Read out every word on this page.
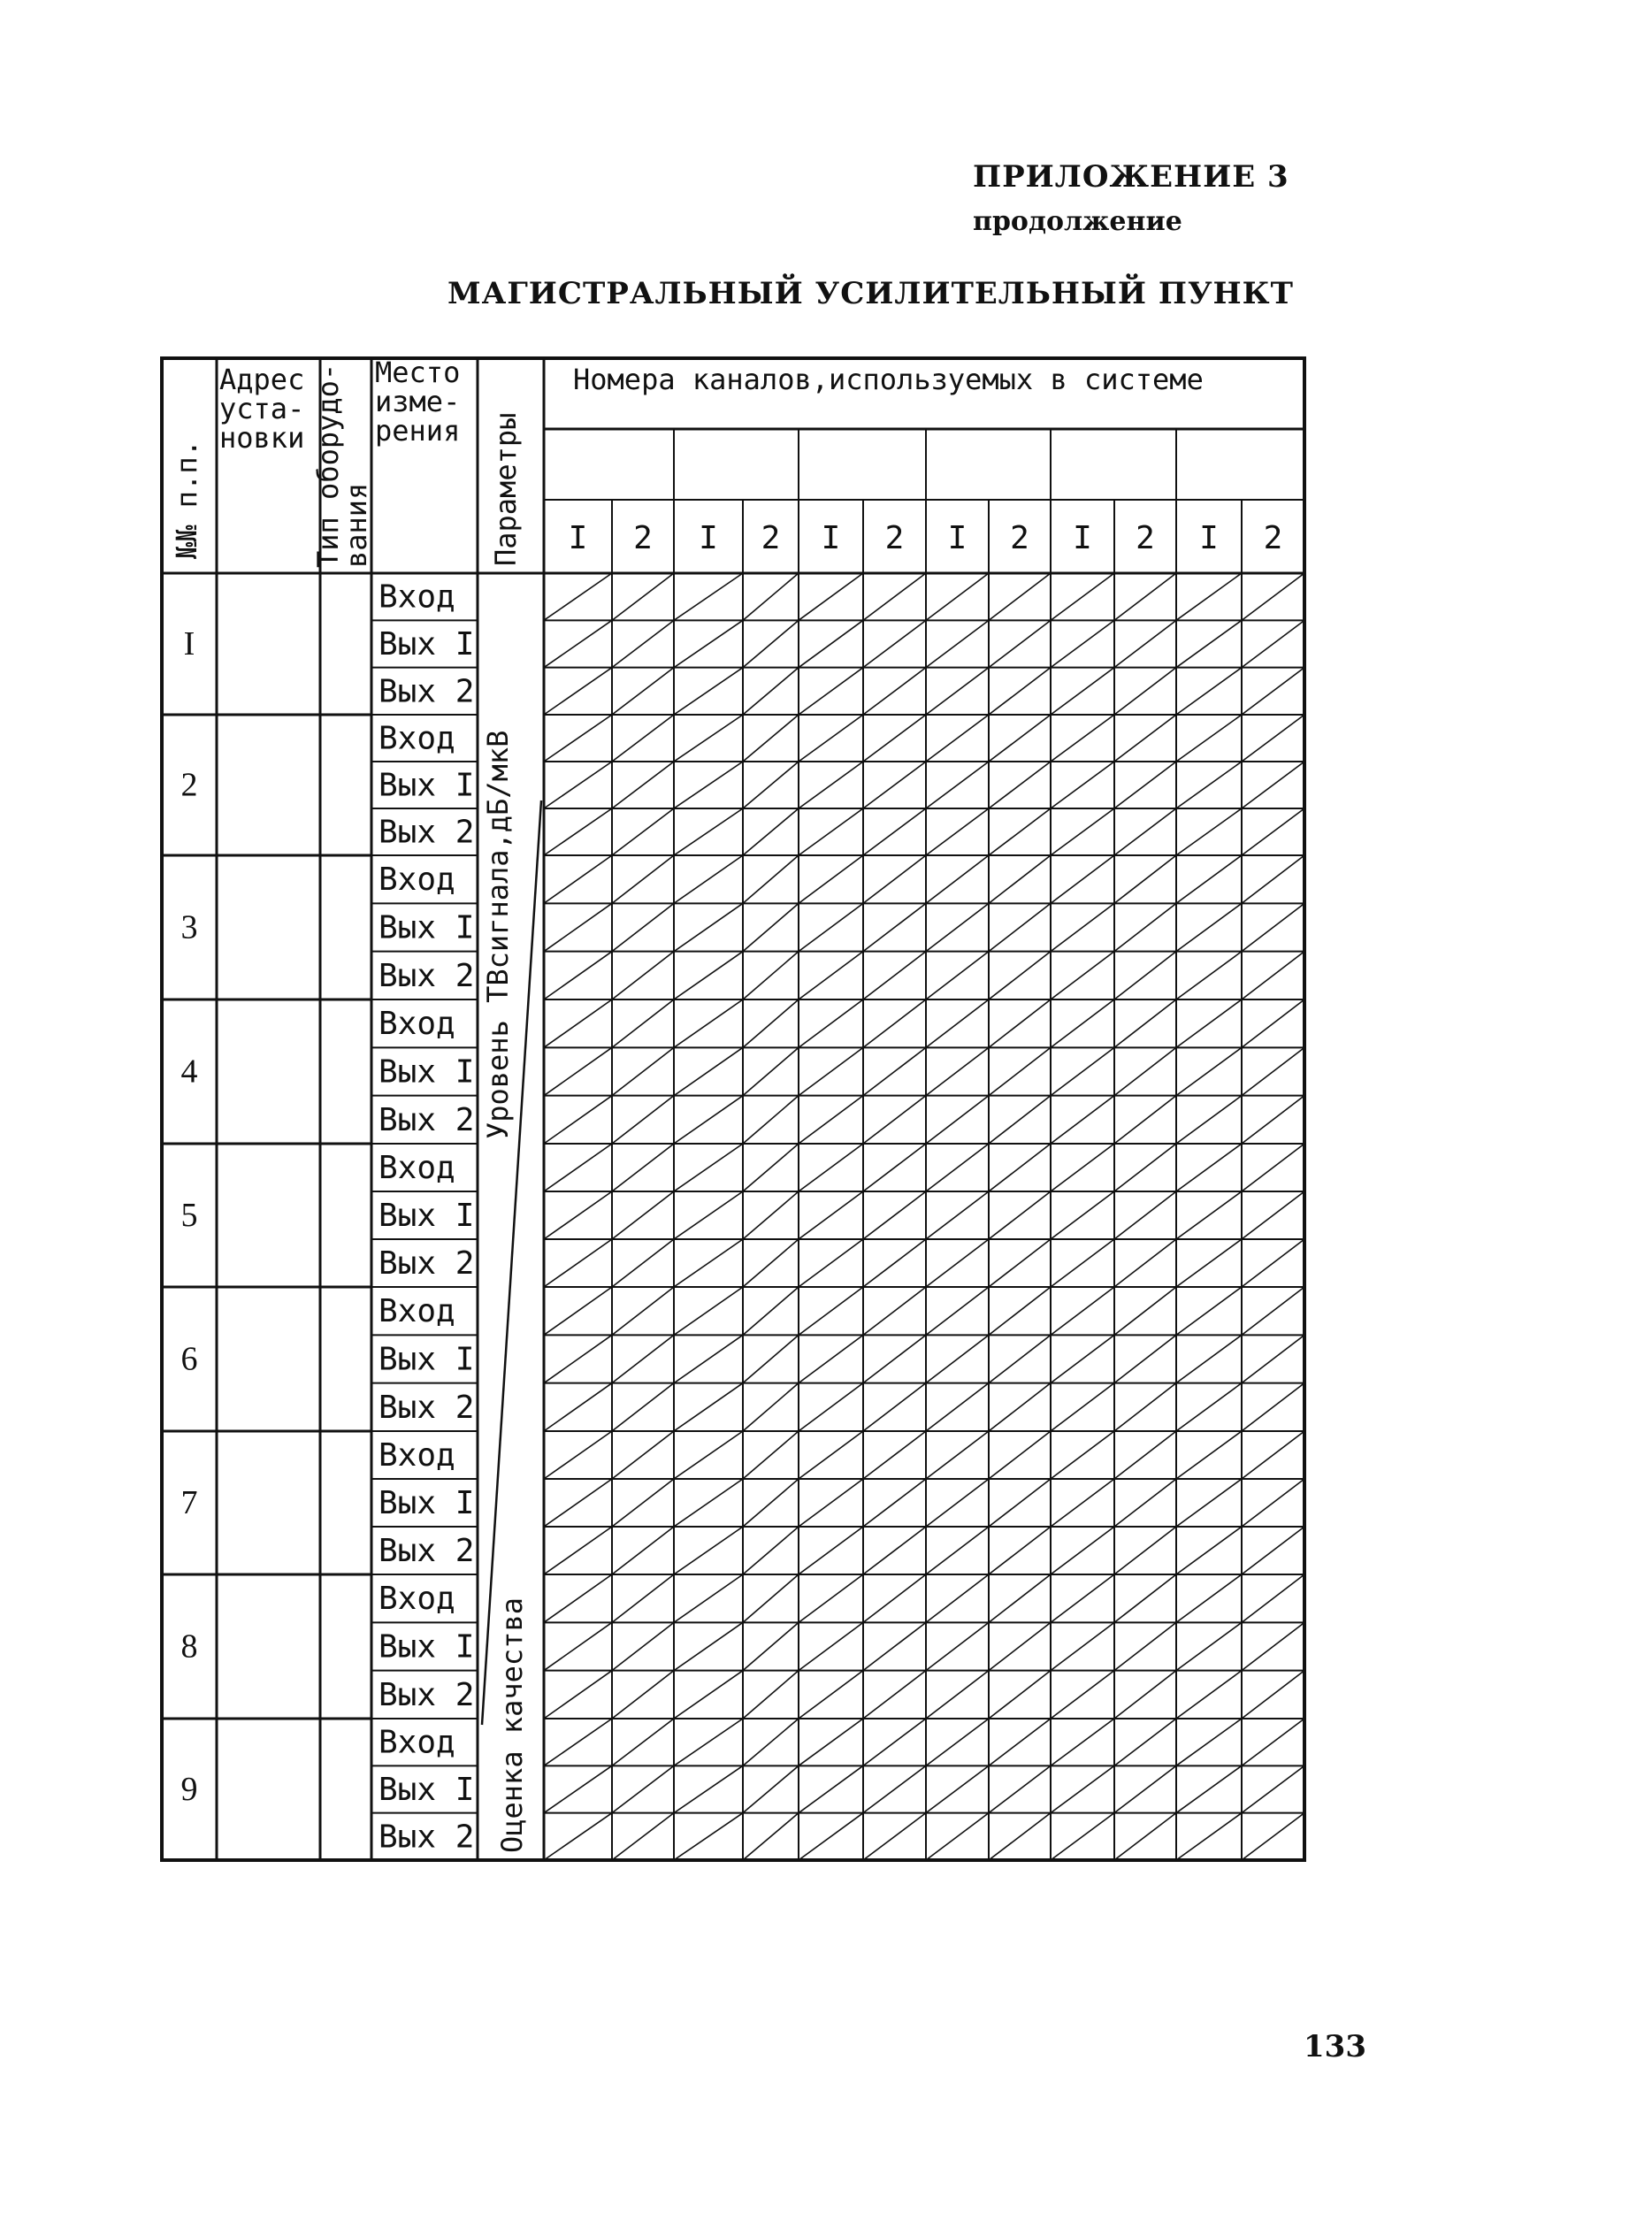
ПРИЛОЖЕНИЕ 3
продолжение
МАГИСТРАЛЬНЫЙ УСИЛИТЕЛЬНЫЙ ПУНКТ
№№ п.п.
Адрес
уста-
новки Тип оборудо-
вания
Место
изме-
рения Параметры
Номера каналов,используемых в системе
I 2 I 2 I 2 I 2 I 2 I 2
I
2
3
4
5
6
7
8
9
Вход
Вых I
Вых 2
Вход
Вых I
Вых 2
Вход
Вых I
Вых 2
Вход
Вых I
Вых 2
Вход
Вых I
Вых 2
Вход
Вых I
Вых 2
Вход
Вых I
Вых 2
Вход
Вых I
Вых 2
Вход
Вых I
Вых 2
Уровень ТВсигнала,дБ/мкВ
Оценка качества
133
